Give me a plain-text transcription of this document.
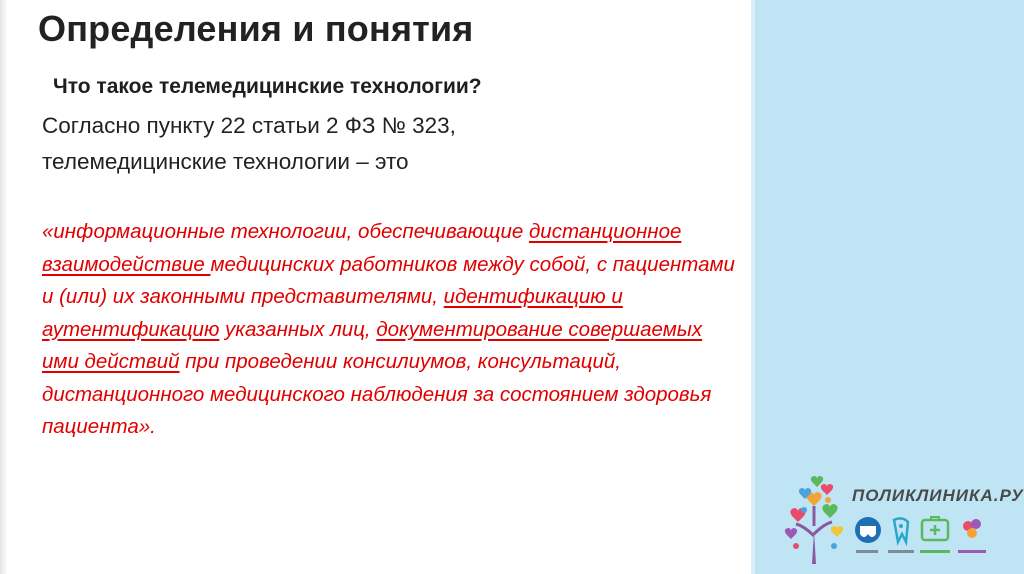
Определения и понятия

Что такое телемедицинские технологии?

Согласно пункту 22 статьи 2 ФЗ № 323,
телемедицинские технологии – это

«информационные технологии, обеспечивающие дистанционное взаимодействие медицинских работников между собой, с пациентами и (или) их законными представителями, идентификацию и аутентификацию указанных лиц, документирование совершаемых ими действий при проведении консилиумов, консультаций, дистанционного медицинского наблюдения за состоянием здоровья пациента».

ПОЛИКЛИНИКА.РУ
